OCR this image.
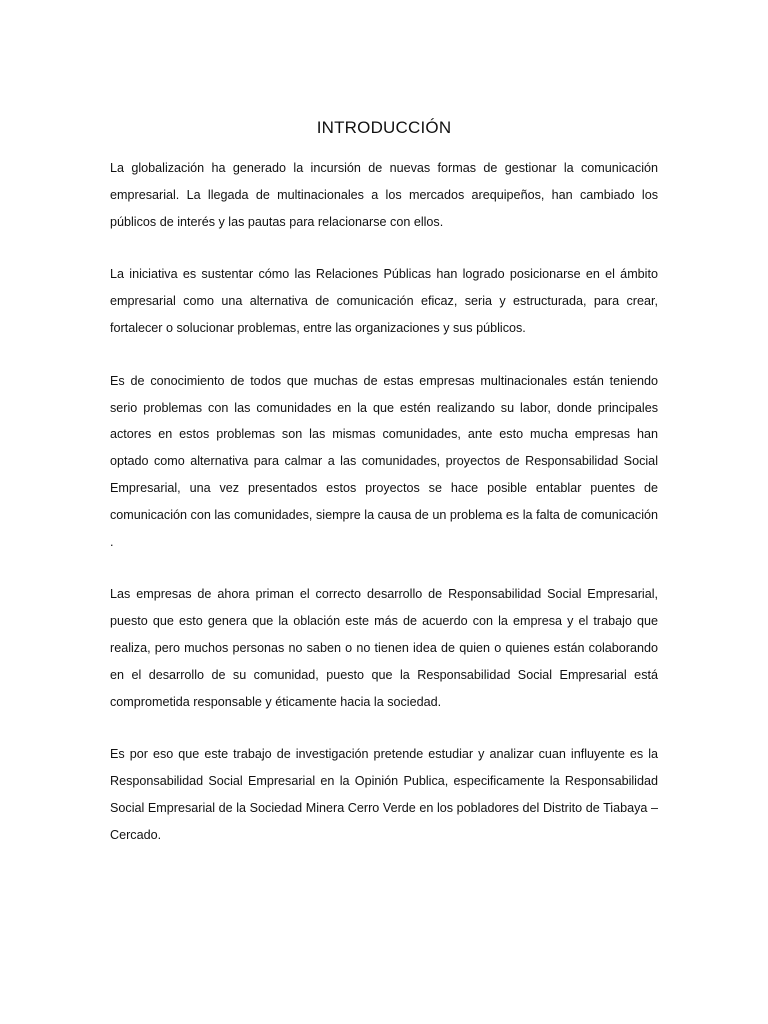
INTRODUCCIÓN

La globalización ha generado la incursión de nuevas formas de gestionar la comunicación empresarial. La llegada de multinacionales a los mercados arequipeños, han cambiado los públicos de interés y las pautas para relacionarse con ellos.

La iniciativa es sustentar cómo las Relaciones Públicas han logrado posicionarse en el ámbito empresarial como una alternativa de comunicación eficaz, seria y estructurada, para crear, fortalecer o solucionar problemas, entre las organizaciones y sus públicos.

Es de conocimiento de todos que muchas de estas empresas multinacionales están teniendo serio problemas con las comunidades en la que estén realizando su labor, donde principales actores en estos problemas son las mismas comunidades, ante esto mucha empresas han optado como alternativa para calmar a las comunidades, proyectos de Responsabilidad Social Empresarial, una vez presentados estos proyectos se hace posible entablar puentes de comunicación con las comunidades, siempre la causa de un problema es la falta de comunicación .

Las empresas de ahora priman el correcto desarrollo de Responsabilidad Social Empresarial, puesto que esto genera que la oblación este más de acuerdo con la empresa y el trabajo que realiza, pero muchos personas no saben o no tienen idea de quien o quienes están colaborando en el desarrollo de su comunidad, puesto que la Responsabilidad Social Empresarial está comprometida responsable y éticamente hacia la sociedad.

Es por eso que este trabajo de investigación pretende estudiar y analizar cuan influyente es la Responsabilidad Social Empresarial en la Opinión Publica, especificamente la Responsabilidad Social Empresarial de la Sociedad Minera Cerro Verde en los pobladores del Distrito de Tiabaya – Cercado.
